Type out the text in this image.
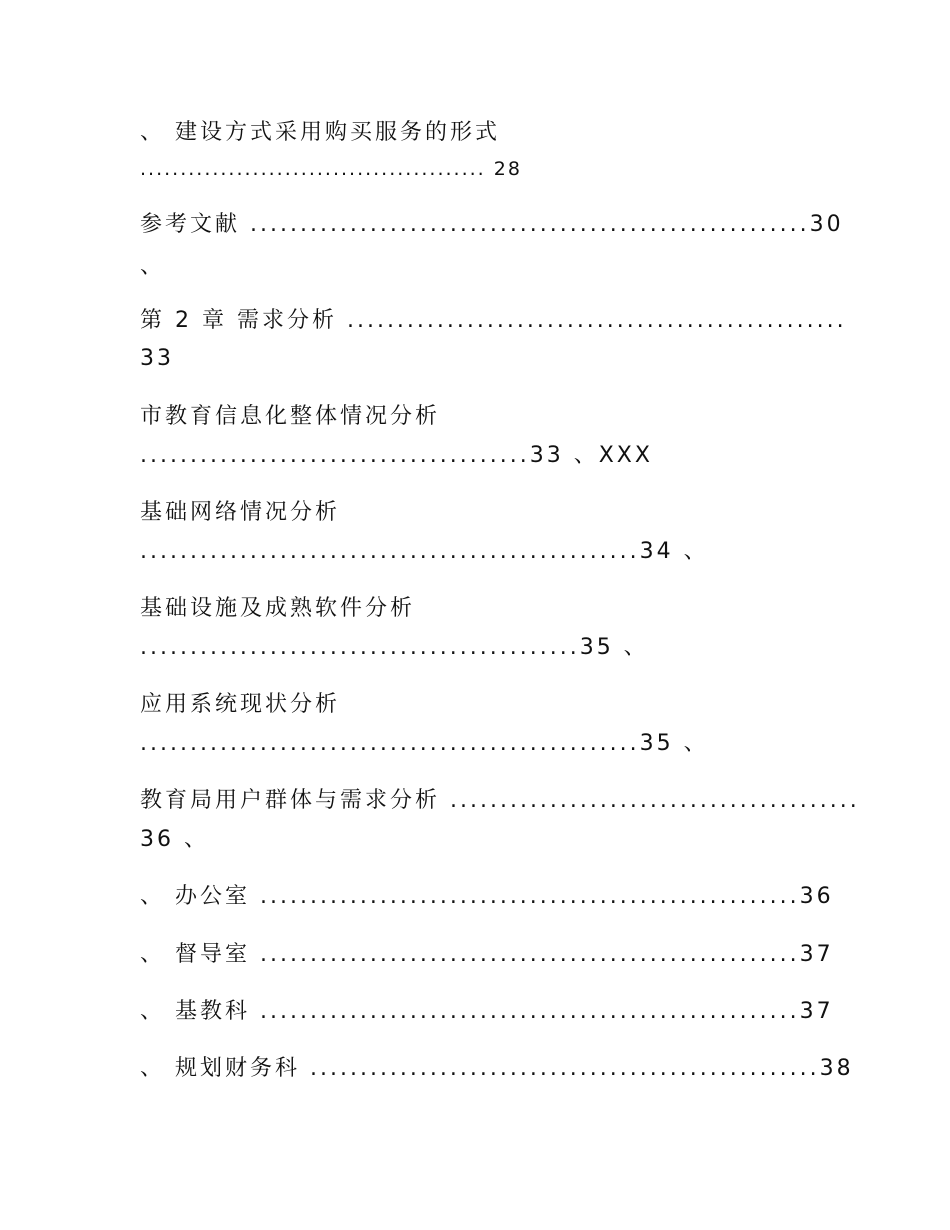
、 建设方式采用购买服务的形式
........................................... 28
参考文献 ........................................................30
、
第 2 章 需求分析 ..................................................
33
市教育信息化整体情况分析
.......................................33 、XXX
基础网络情况分析
..................................................34 、
基础设施及成熟软件分析
............................................35 、
应用系统现状分析
..................................................35 、
教育局用户群体与需求分析 .........................................
36 、
、 办公室 ......................................................36
、 督导室 ......................................................37
、 基教科 ......................................................37
、 规划财务科 ...................................................38
